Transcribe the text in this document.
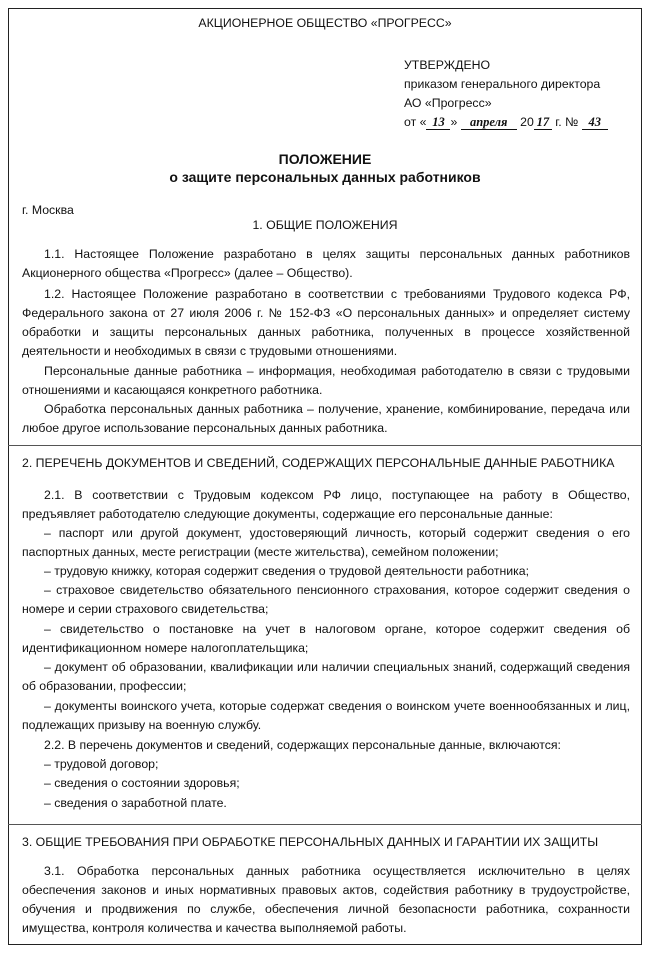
АКЦИОНЕРНОЕ ОБЩЕСТВО «ПРОГРЕСС»
УТВЕРЖДЕНО
приказом генерального директора
АО «Прогресс»
от « 13 » апреля 20 17 г. № 43
ПОЛОЖЕНИЕ
о защите персональных данных работников
г. Москва
1. ОБЩИЕ ПОЛОЖЕНИЯ
1.1. Настоящее Положение разработано в целях защиты персональных данных работников Акционерного общества «Прогресс» (далее – Общество).
1.2. Настоящее Положение разработано в соответствии с требованиями Трудового кодекса РФ, Федерального закона от 27 июля 2006 г. № 152-ФЗ «О персональных данных» и определяет систему обработки и защиты персональных данных работника, полученных в процессе хозяйственной деятельности и необходимых в связи с трудовыми отношениями.
Персональные данные работника – информация, необходимая работодателю в связи с трудовыми отношениями и касающаяся конкретного работника.
Обработка персональных данных работника – получение, хранение, комбинирование, передача или любое другое использование персональных данных работника.
2. ПЕРЕЧЕНЬ ДОКУМЕНТОВ И СВЕДЕНИЙ, СОДЕРЖАЩИХ ПЕРСОНАЛЬНЫЕ ДАННЫЕ РАБОТНИКА
2.1. В соответствии с Трудовым кодексом РФ лицо, поступающее на работу в Общество, предъявляет работодателю следующие документы, содержащие его персональные данные:
– паспорт или другой документ, удостоверяющий личность, который содержит сведения о его паспортных данных, месте регистрации (месте жительства), семейном положении;
– трудовую книжку, которая содержит сведения о трудовой деятельности работника;
– страховое свидетельство обязательного пенсионного страхования, которое содержит сведения о номере и серии страхового свидетельства;
– свидетельство о постановке на учет в налоговом органе, которое содержит сведения об идентификационном номере налогоплательщика;
– документ об образовании, квалификации или наличии специальных знаний, содержащий сведения об образовании, профессии;
– документы воинского учета, которые содержат сведения о воинском учете военнообязанных и лиц, подлежащих призыву на военную службу.
2.2. В перечень документов и сведений, содержащих персональные данные, включаются:
– трудовой договор;
– сведения о состоянии здоровья;
– сведения о заработной плате.
3. ОБЩИЕ ТРЕБОВАНИЯ ПРИ ОБРАБОТКЕ ПЕРСОНАЛЬНЫХ ДАННЫХ И ГАРАНТИИ ИХ ЗАЩИТЫ
3.1. Обработка персональных данных работника осуществляется исключительно в целях обеспечения законов и иных нормативных правовых актов, содействия работнику в трудоустройстве, обучения и продвижения по службе, обеспечения личной безопасности работника, сохранности имущества, контроля количества и качества выполняемой работы.
